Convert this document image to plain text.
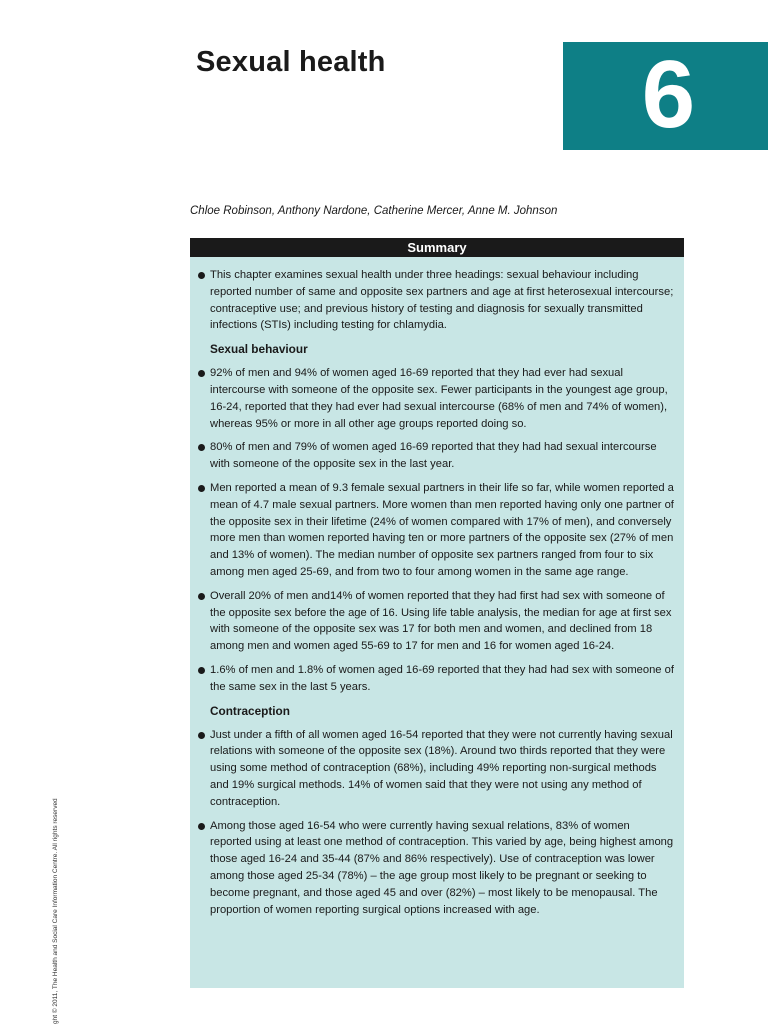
Sexual health	6
Chloe Robinson, Anthony Nardone, Catherine Mercer, Anne M. Johnson
Summary

This chapter examines sexual health under three headings: sexual behaviour including reported number of same and opposite sex partners and age at first heterosexual intercourse; contraceptive use; and previous history of testing and diagnosis for sexually transmitted infections (STIs) including testing for chlamydia.

Sexual behaviour

92% of men and 94% of women aged 16-69 reported that they had ever had sexual intercourse with someone of the opposite sex. Fewer participants in the youngest age group, 16-24, reported that they had ever had sexual intercourse (68% of men and 74% of women), whereas 95% or more in all other age groups reported doing so.

80% of men and 79% of women aged 16-69 reported that they had had sexual intercourse with someone of the opposite sex in the last year.

Men reported a mean of 9.3 female sexual partners in their life so far, while women reported a mean of 4.7 male sexual partners. More women than men reported having only one partner of the opposite sex in their lifetime (24% of women compared with 17% of men), and conversely more men than women reported having ten or more partners of the opposite sex (27% of men and 13% of women). The median number of opposite sex partners ranged from four to six among men aged 25-69, and from two to four among women in the same age range.

Overall 20% of men and14% of women reported that they had first had sex with someone of the opposite sex before the age of 16. Using life table analysis, the median for age at first sex with someone of the opposite sex was 17 for both men and women, and declined from 18 among men and women aged 55-69 to 17 for men and 16 for women aged 16-24.

1.6% of men and 1.8% of women aged 16-69 reported that they had had sex with someone of the same sex in the last 5 years.

Contraception

Just under a fifth of all women aged 16-54 reported that they were not currently having sexual relations with someone of the opposite sex (18%). Around two thirds reported that they were using some method of contraception (68%), including 49% reporting non-surgical methods and 19% surgical methods. 14% of women said that they were not using any method of contraception.

Among those aged 16-54 who were currently having sexual relations, 83% of women reported using at least one method of contraception. This varied by age, being highest among those aged 16-24 and 35-44 (87% and 86% respectively). Use of contraception was lower among those aged 25-34 (78%) – the age group most likely to be pregnant or seeking to become pregnant, and those aged 45 and over (82%) – most likely to be menopausal. The proportion of women reporting surgical options increased with age.

ght © 2011, The Health and Social Care Information Centre. All rights reserved
